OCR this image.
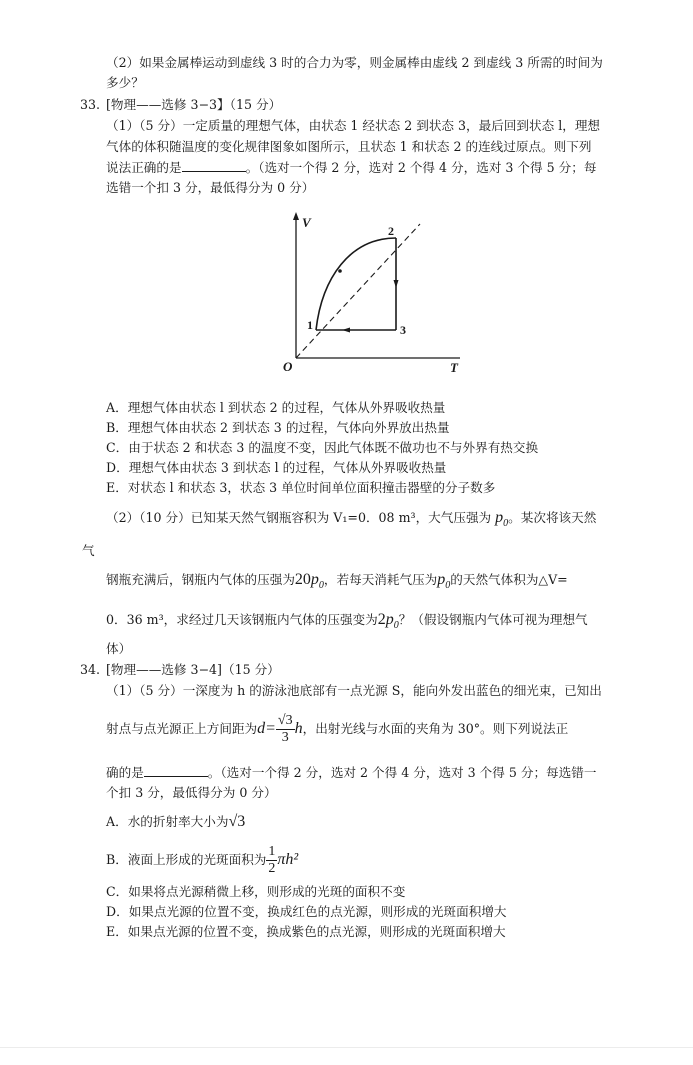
（2）如果金属棒运动到虚线 3 时的合力为零，则金属棒由虚线 2 到虚线 3 所需的时间为
多少？
33. [物理——选修 3−3】（15 分）
（1）（5 分）一定质量的理想气体，由状态 1 经状态 2 到状态 3，最后回到状态 l，理想
气体的体积随温度的变化规律图象如图所示，且状态 1 和状态 2 的连线过原点。则下列
说法正确的是	。（选对一个得 2 分，选对 2 个得 4 分，选对 3 个得 5 分；每
选错一个扣 3 分，最低得分为 0 分）
V
T
O
1
2
3
A．理想气体由状态 l 到状态 2 的过程，气体从外界吸收热量
B．理想气体由状态 2 到状态 3 的过程，气体向外界放出热量
C．由于状态 2 和状态 3 的温度不变，因此气体既不做功也不与外界有热交换
D．理想气体由状态 3 到状态 l 的过程，气体从外界吸收热量
E．对状态 l 和状态 3，状态 3 单位时间单位面积撞击器壁的分子数多
（2）（10 分）已知某天然气钢瓶容积为 V₁=0．08 m³，大气压强为 $p_0$。某次将该天然
气
钢瓶充满后，钢瓶内气体的压强为$20p_0$，若每天消耗气压为$p_0$的天然气体积为△V=
0．36 m³，求经过几天该钢瓶内气体的压强变为$2p_0$？（假设钢瓶内气体可视为理想气
体）
34. [物理——选修 3−4]（15 分）
（1）（5 分）一深度为 h 的游泳池底部有一点光源 S，能向外发出蓝色的细光束，已知出
射点与点光源正上方间距为$d= \frac{√3}{3}$ h，出射光线与水面的夹角为 30°。则下列说法正
确的是	。（选对一个得 2 分，选对 2 个得 4 分，选对 3 个得 5 分；每选错一
个扣 3 分，最低得分为 0 分）
A．水的折射率大小为√3
B．液面上形成的光斑面积为 $\frac{1}{2} \pi h^2$
C．如果将点光源稍微上移，则形成的光斑的面积不变
D．如果点光源的位置不变，换成红色的点光源，则形成的光斑面积增大
E．如果点光源的位置不变，换成紫色的点光源，则形成的光斑面积增大
